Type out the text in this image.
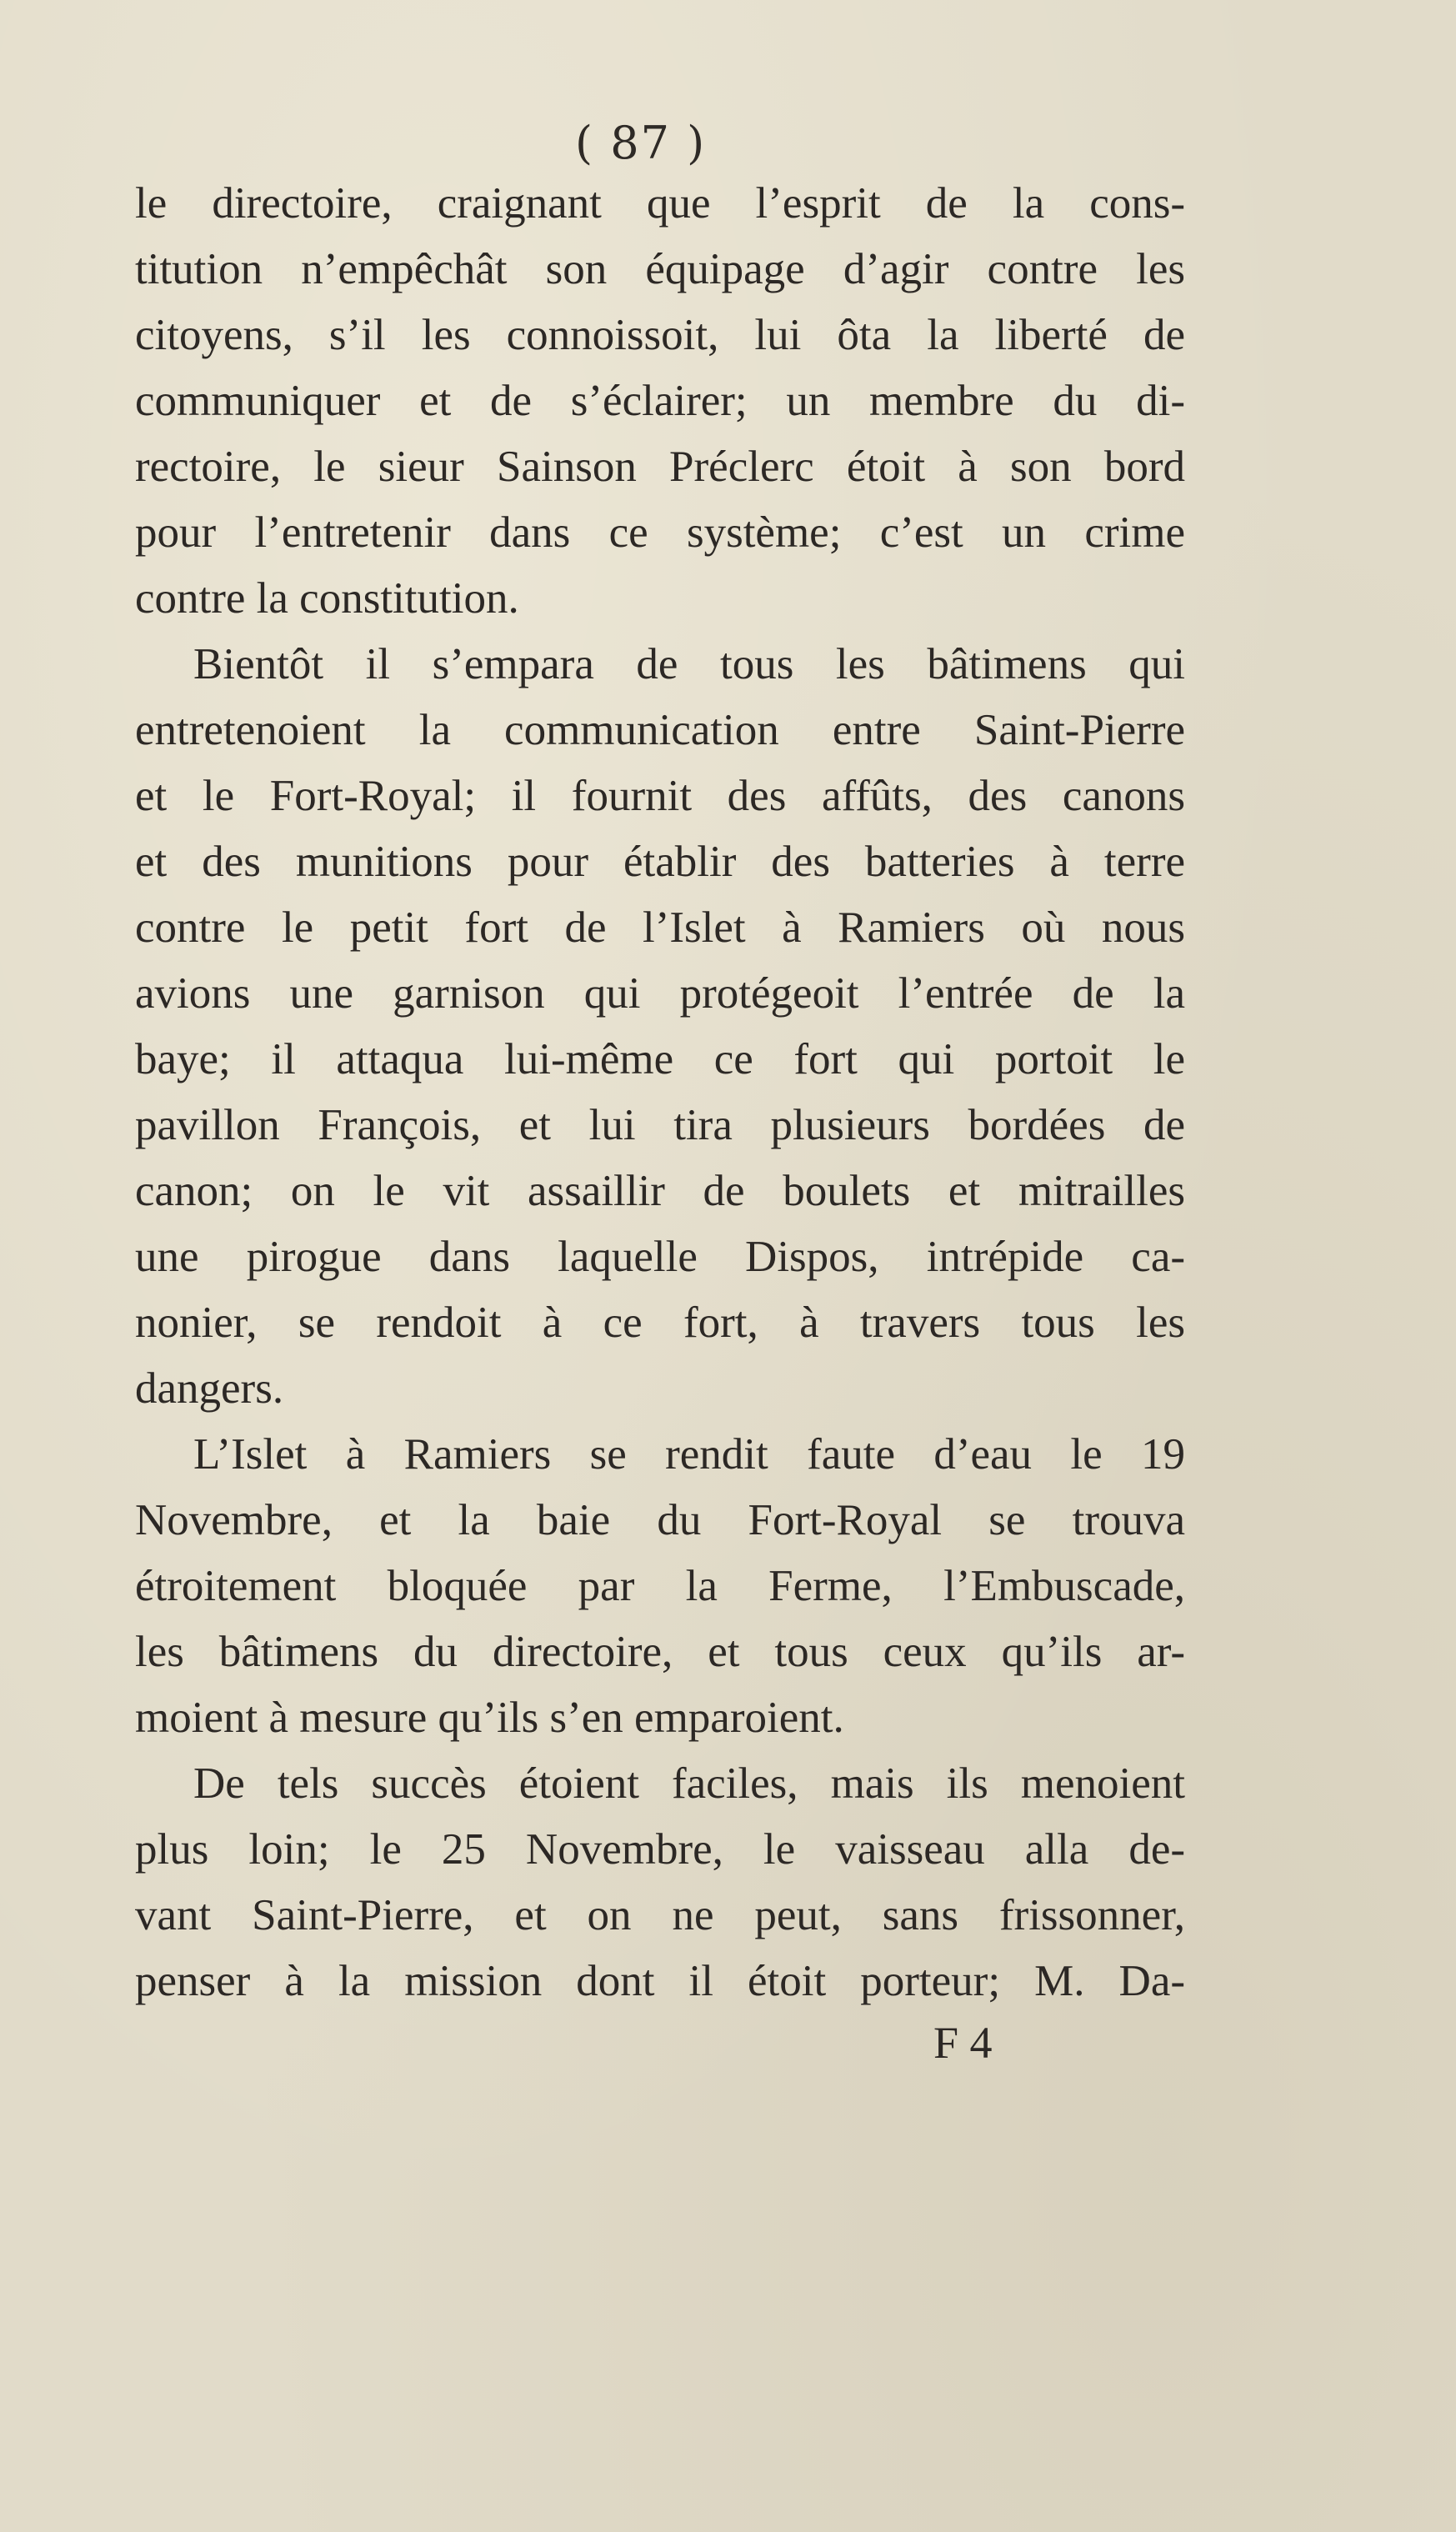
( 87 )
le directoire, craignant que l’esprit de la cons-
titution n’empêchât son équipage d’agir contre les
citoyens, s’il les connoissoit, lui ôta la liberté de
communiquer et de s’éclairer; un membre du di-
rectoire, le sieur Sainson Préclerc étoit à son bord
pour l’entretenir dans ce système; c’est un crime
contre la constitution.
Bientôt il s’empara de tous les bâtimens qui
entretenoient la communication entre Saint-Pierre
et le Fort-Royal; il fournit des affûts, des canons
et des munitions pour établir des batteries à terre
contre le petit fort de l’Islet à Ramiers où nous
avions une garnison qui protégeoit l’entrée de la
baye; il attaqua lui-même ce fort qui portoit le
pavillon François, et lui tira plusieurs bordées de
canon; on le vit assaillir de boulets et mitrailles
une pirogue dans laquelle Dispos, intrépide ca-
nonier, se rendoit à ce fort, à travers tous les
dangers.
L’Islet à Ramiers se rendit faute d’eau le 19
Novembre, et la baie du Fort-Royal se trouva
étroitement bloquée par la Ferme, l’Embuscade,
les bâtimens du directoire, et tous ceux qu’ils ar-
moient à mesure qu’ils s’en emparoient.
De tels succès étoient faciles, mais ils menoient
plus loin; le 25 Novembre, le vaisseau alla de-
vant Saint-Pierre, et on ne peut, sans frissonner,
penser à la mission dont il étoit porteur; M. Da-
F 4
